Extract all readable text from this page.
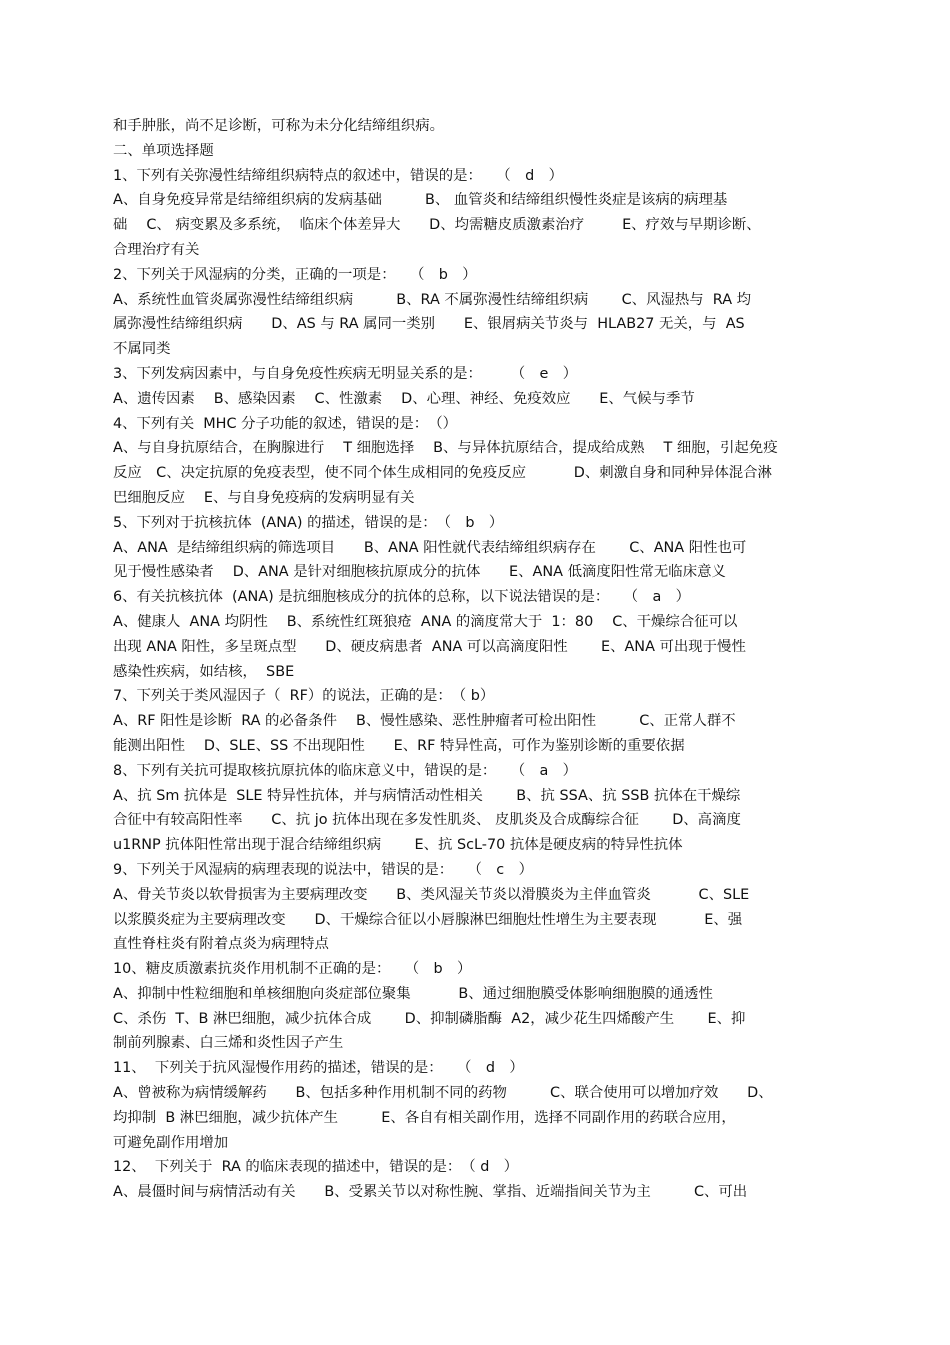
和手肿胀，尚不足诊断，可称为未分化结缔组织病。
二、单项选择题
1、下列有关弥漫性结缔组织病特点的叙述中，错误的是：　　（　d　）
A、自身免疫异常是结缔组织病的发病基础　　　B、 血管炎和结缔组织慢性炎症是该病的病理基
础　 C、 病变累及多系统，  临床个体差异大　　D、均需糖皮质激素治疗　　  E、疗效与早期诊断、
合理治疗有关
2、下列关于风湿病的分类，正确的一项是：　　（　b　）
A、系统性血管炎属弥漫性结缔组织病　　　B、RA 不属弥漫性结缔组织病　　 C、风湿热与  RA 均
属弥漫性结缔组织病　　D、AS 与 RA 属同一类别　　E、银屑病关节炎与  HLAB27 无关，与  AS
不属同类
3、下列发病因素中，与自身免疫性疾病无明显关系的是：　　　（　e　）
A、遗传因素　 B、感染因素　 C、性激素　 D、心理、神经、免疫效应　　E、气候与季节
4、下列有关  MHC 分子功能的叙述，错误的是：　（）
A、与自身抗原结合，在胸腺进行　 T 细胞选择　 B、与异体抗原结合，提成给成熟　 T 细胞，引起免疫
反应　C、决定抗原的免疫表型，使不同个体生成相同的免疫反应　　　 D、刺激自身和同种异体混合淋
巴细胞反应　 E、与自身免疫病的发病明显有关
5、下列对于抗核抗体  (ANA) 的描述，错误的是：　（　b　）
A、ANA  是结缔组织病的筛选项目　　B、ANA 阳性就代表结缔组织病存在　　 C、ANA 阳性也可
见于慢性感染者　 D、ANA 是针对细胞核抗原成分的抗体　　E、ANA 低滴度阳性常无临床意义
6、有关抗核抗体  (ANA) 是抗细胞核成分的抗体的总称，以下说法错误的是：　　（　a　）
A、健康人  ANA 均阴性　 B、系统性红斑狼疮  ANA 的滴度常大于  1：80　 C、干燥综合征可以
出现 ANA 阳性，多呈斑点型　　D、硬皮病患者  ANA 可以高滴度阳性　　 E、ANA 可出现于慢性
感染性疾病，如结核，  SBE
7、下列关于类风湿因子（  RF）的说法，正确的是：　（ b）
A、RF 阳性是诊断  RA 的必备条件　 B、慢性感染、恶性肿瘤者可检出阳性　　　C、正常人群不
能测出阳性　 D、SLE、SS 不出现阳性　　E、RF 特异性高，可作为鉴别诊断的重要依据
8、下列有关抗可提取核抗原抗体的临床意义中，错误的是：　　（　a　）
A、抗 Sm 抗体是  SLE 特异性抗体，并与病情活动性相关　　 B、抗 SSA、抗 SSB 抗体在干燥综
合征中有较高阳性率　　C、抗 jo 抗体出现在多发性肌炎、 皮肌炎及合成酶综合征　　 D、高滴度
u1RNP 抗体阳性常出现于混合结缔组织病　　 E、抗 ScL-70 抗体是硬皮病的特异性抗体
9、下列关于风湿病的病理表现的说法中，错误的是：　　（　c　）
A、骨关节炎以软骨损害为主要病理改变　　B、类风湿关节炎以滑膜炎为主伴血管炎　　　 C、SLE
以浆膜炎症为主要病理改变　　D、干燥综合征以小唇腺淋巴细胞灶性增生为主要表现　　　 E、强
直性脊柱炎有附着点炎为病理特点
10、糖皮质激素抗炎作用机制不正确的是：　　（　b　）
A、抑制中性粒细胞和单核细胞向炎症部位聚集　　　 B、通过细胞膜受体影响细胞膜的通透性
C、杀伤  T、B 淋巴细胞，减少抗体合成　　 D、抑制磷脂酶  A2，减少花生四烯酸产生　　 E、抑
制前列腺素、白三烯和炎性因子产生
11、  下列关于抗风湿慢作用药的描述，错误的是：　　（　d　）
A、曾被称为病情缓解药　　B、包括多种作用机制不同的药物　　　C、联合使用可以增加疗效　　D、
均抑制  B 淋巴细胞，减少抗体产生　　　E、各自有相关副作用，选择不同副作用的药联合应用，
可避免副作用增加
12、  下列关于  RA 的临床表现的描述中，错误的是：　（ d　）
A、晨僵时间与病情活动有关　　B、受累关节以对称性腕、掌指、近端指间关节为主　　　C、可出
